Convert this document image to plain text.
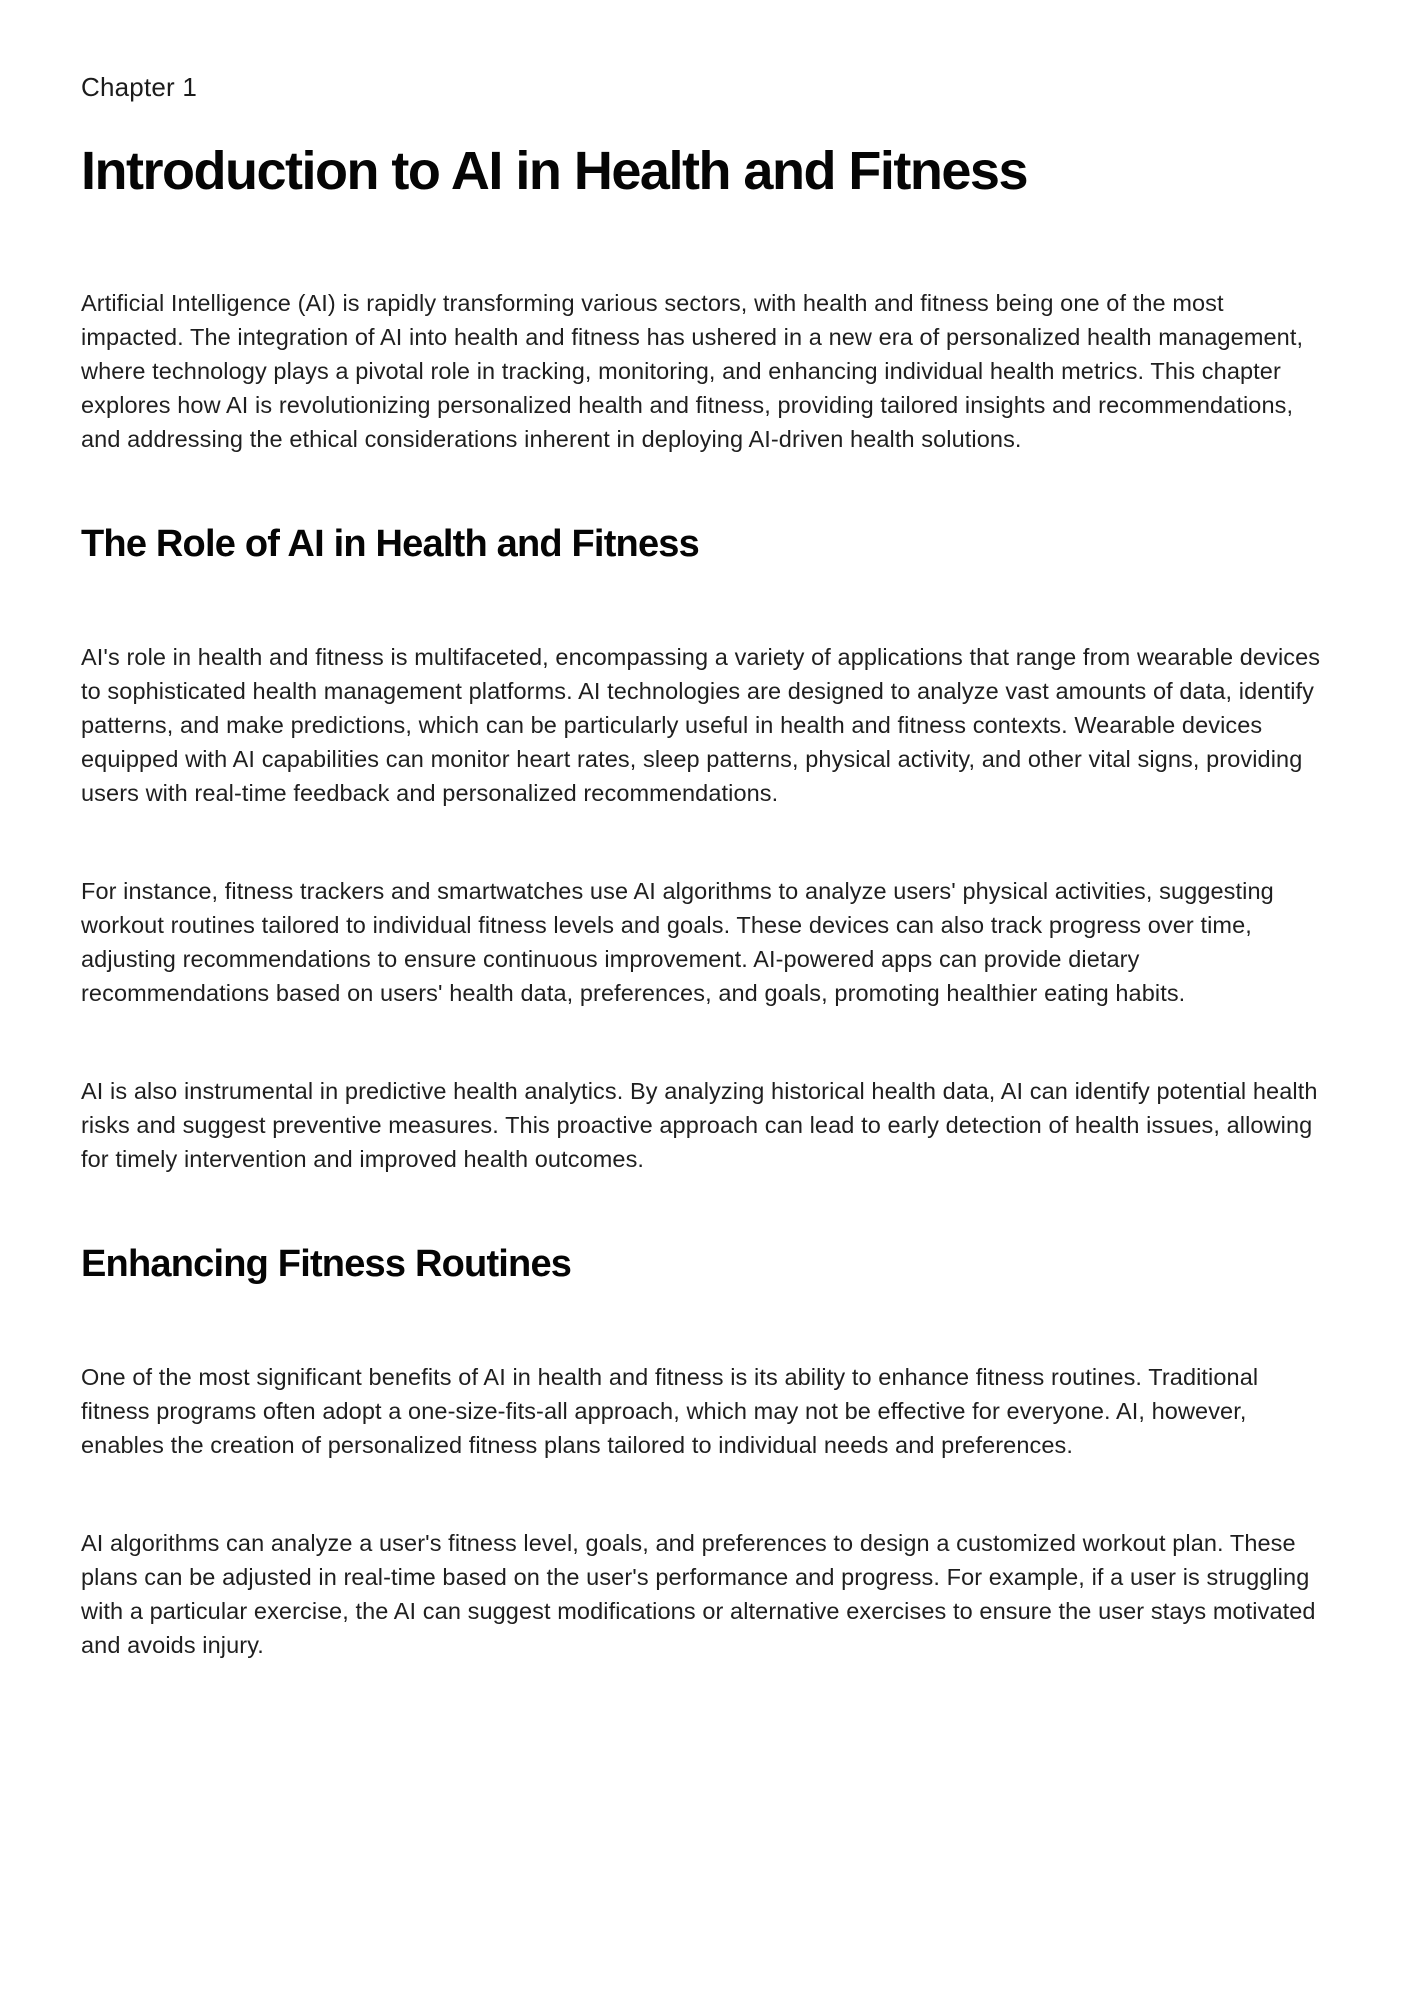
Chapter 1
Introduction to AI in Health and Fitness

Artificial Intelligence (AI) is rapidly transforming various sectors, with health and fitness being one of the most impacted. The integration of AI into health and fitness has ushered in a new era of personalized health management, where technology plays a pivotal role in tracking, monitoring, and enhancing individual health metrics. This chapter explores how AI is revolutionizing personalized health and fitness, providing tailored insights and recommendations, and addressing the ethical considerations inherent in deploying AI-driven health solutions.

The Role of AI in Health and Fitness

AI's role in health and fitness is multifaceted, encompassing a variety of applications that range from wearable devices to sophisticated health management platforms. AI technologies are designed to analyze vast amounts of data, identify patterns, and make predictions, which can be particularly useful in health and fitness contexts. Wearable devices equipped with AI capabilities can monitor heart rates, sleep patterns, physical activity, and other vital signs, providing users with real-time feedback and personalized recommendations.

For instance, fitness trackers and smartwatches use AI algorithms to analyze users' physical activities, suggesting workout routines tailored to individual fitness levels and goals. These devices can also track progress over time, adjusting recommendations to ensure continuous improvement. AI-powered apps can provide dietary recommendations based on users' health data, preferences, and goals, promoting healthier eating habits.

AI is also instrumental in predictive health analytics. By analyzing historical health data, AI can identify potential health risks and suggest preventive measures. This proactive approach can lead to early detection of health issues, allowing for timely intervention and improved health outcomes.

Enhancing Fitness Routines

One of the most significant benefits of AI in health and fitness is its ability to enhance fitness routines. Traditional fitness programs often adopt a one-size-fits-all approach, which may not be effective for everyone. AI, however, enables the creation of personalized fitness plans tailored to individual needs and preferences.

AI algorithms can analyze a user's fitness level, goals, and preferences to design a customized workout plan. These plans can be adjusted in real-time based on the user's performance and progress. For example, if a user is struggling with a particular exercise, the AI can suggest modifications or alternative exercises to ensure the user stays motivated and avoids injury.
